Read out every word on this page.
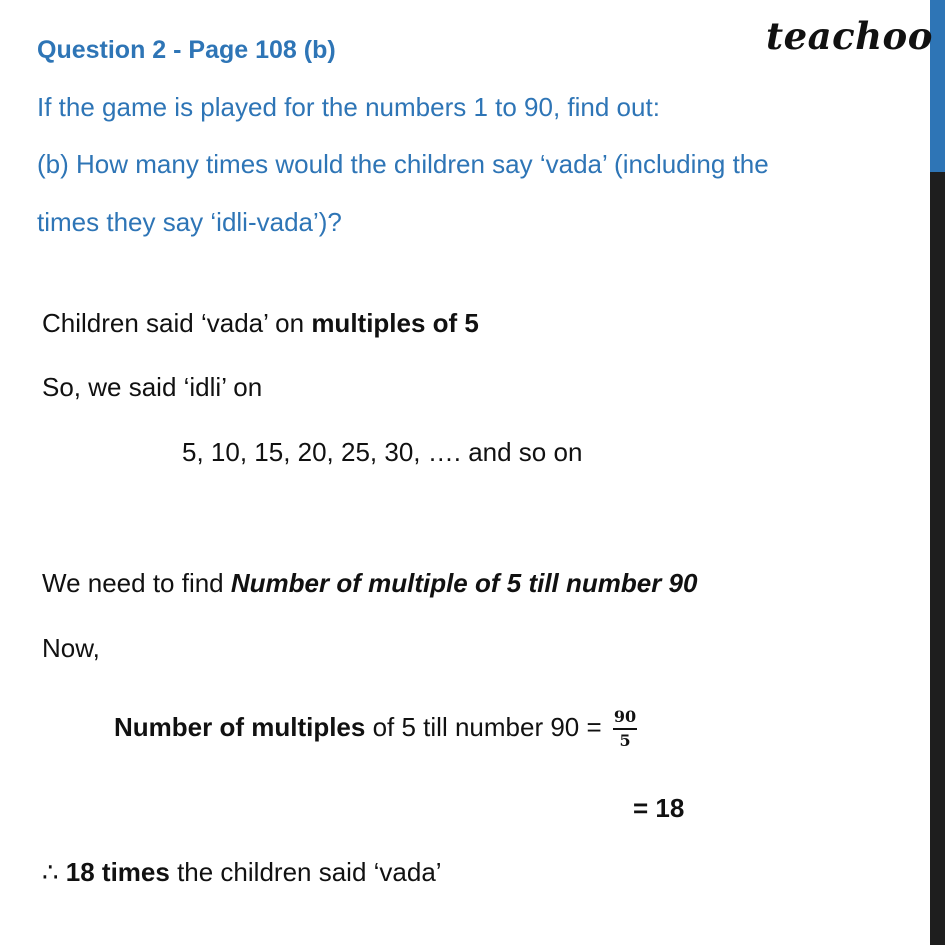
teachoo
Question 2 - Page 108 (b)
If the game is played for the numbers 1 to 90, find out:
(b) How many times would the children say ‘vada’ (including the
times they say ‘idli-vada’)?
Children said ‘vada’ on multiples of 5
So, we said ‘idli’ on
5, 10, 15, 20, 25, 30, …. and so on
We need to find Number of multiple of 5 till number 90
Now,
Number of multiples of 5 till number $90 = \frac{90}{5}$
= 18
∴ 18 times the children said ‘vada’
